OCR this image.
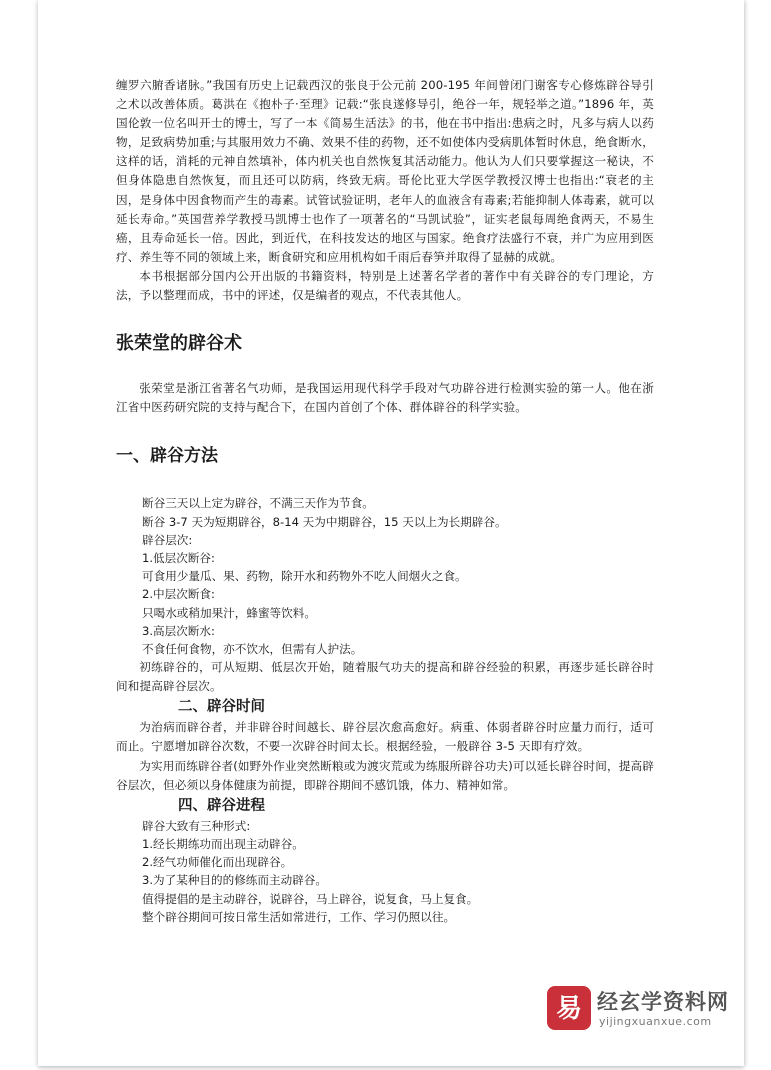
缠罗六腑香诸脉。”我国有历史上记载西汉的张良于公元前 200-195 年间曾闭门谢客专心修炼辟谷导引之术以改善体质。葛洪在《抱朴子·至理》记载:“张良遂修导引，绝谷一年，规轻举之道。”1896 年，英国伦敦一位名叫开士的博士，写了一本《简易生活法》的书，他在书中指出:患病之时，凡多与病人以药物，足致病势加重;与其服用效力不确、效果不佳的药物，还不如使体内受病肌体暂时休息，绝食断水，这样的话，消耗的元神自然填补，体内机关也自然恢复其活动能力。他认为人们只要掌握这一秘诀，不但身体隐患自然恢复，而且还可以防病，终致无病。哥伦比亚大学医学教授汉博士也指出:“衰老的主因，是身体中因食物而产生的毒素。试管试验证明，老年人的血液含有毒素;若能抑制人体毒素，就可以延长寿命。”英国营养学教授马凯博士也作了一项著名的“马凯试验”，证实老鼠每周绝食两天，不易生癌，且寿命延长一倍。因此，到近代，在科技发达的地区与国家。绝食疗法盛行不衰，并广为应用到医疗、养生等不同的领域上来，断食研究和应用机构如千雨后春笋并取得了显赫的成就。

本书根据部分国内公开出版的书籍资料，特别是上述著名学者的著作中有关辟谷的专门理论，方法，予以整理而成，书中的评述，仅是编者的观点，不代表其他人。

张荣堂的辟谷术

张荣堂是浙江省著名气功师，是我国运用现代科学手段对气功辟谷进行检测实验的第一人。他在浙江省中医药研究院的支持与配合下，在国内首创了个体、群体辟谷的科学实验。

一、辟谷方法

断谷三天以上定为辟谷，不满三天作为节食。

断谷 3-7 天为短期辟谷，8-14 天为中期辟谷，15 天以上为长期辟谷。

辟谷层次:

1.低层次断谷:

可食用少量瓜、果、药物，除开水和药物外不吃人间烟火之食。

2.中层次断食:

只喝水或稍加果汁，蜂蜜等饮料。

3.高层次断水:

不食任何食物，亦不饮水，但需有人护法。

初练辟谷的，可从短期、低层次开始，随着服气功夫的提高和辟谷经验的积累，再逐步延长辟谷时间和提高辟谷层次。

二、辟谷时间

为治病而辟谷者，并非辟谷时间越长、辟谷层次愈高愈好。病重、体弱者辟谷时应量力而行，适可而止。宁愿增加辟谷次数，不要一次辟谷时间太长。根据经验，一般辟谷 3-5 天即有疗效。

为实用而练辟谷者(如野外作业突然断粮或为渡灾荒或为练服所辟谷功夫)可以延长辟谷时间，提高辟谷层次，但必须以身体健康为前提，即辟谷期间不感饥饿，体力、精神如常。

四、辟谷进程

辟谷大致有三种形式:

1.经长期练功而出现主动辟谷。

2.经气功师催化而出现辟谷。

3.为了某种目的的修练而主动辟谷。

值得提倡的是主动辟谷，说辟谷，马上辟谷，说复食，马上复食。

整个辟谷期间可按日常生活如常进行，工作、学习仍照以往。

易 经玄学资料网
yijingxuanxue.com
